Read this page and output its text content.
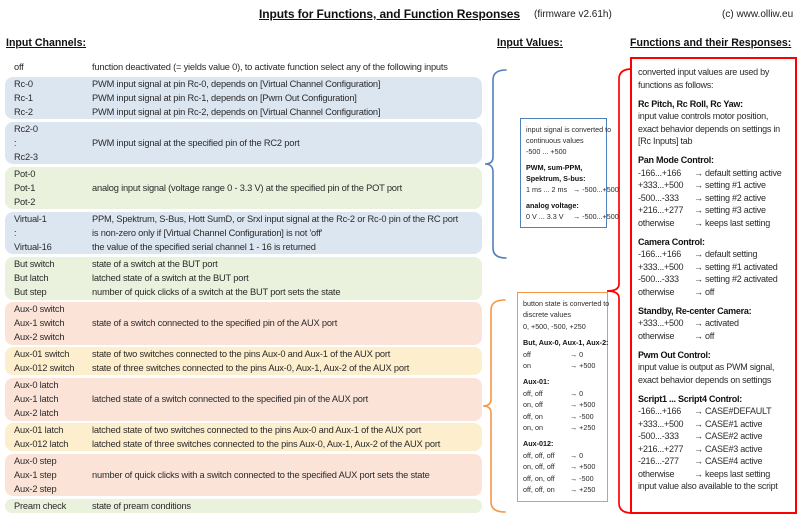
Inputs for Functions, and Function Responses (firmware v2.61h)	(c) www.olliw.eu
Input Channels:	Input Values:	Functions and their Responses:
off	function deactivated (= yields value 0), to activate function select any of the following inputs
Rc-0	PWM input signal at pin Rc-0, depends on [Virtual Channel Configuration]
Rc-1	PWM input signal at pin Rc-1, depends on [Pwm Out Configuration]
Rc-2	PWM input signal at pin Rc-2, depends on [Virtual Channel Configuration]
Rc2-0
:	PWM input signal at the specified pin of the RC2 port
Rc2-3
Pot-0
Pot-1	analog input signal (voltage range 0 - 3.3 V) at the specified pin of the POT port
Pot-2
Virtual-1	PPM, Spektrum, S-Bus, Hott SumD, or Srxl input signal at the Rc-2 or Rc-0 pin of the RC port
:	is non-zero only if [Virtual Channel Configuration] is not 'off'
Virtual-16	the value of the specified serial channel 1 - 16 is returned
But switch	state of a switch at the BUT port
But latch	latched state of a switch at the BUT port
But step	number of quick clicks of a switch at the BUT port sets the state
Aux-0 switch
Aux-1 switch	state of a switch connected to the specified pin of the AUX port
Aux-2 switch
Aux-01 switch	state of two switches connected to the pins Aux-0 and Aux-1 of the AUX port
Aux-012 switch	state of three switches connected to the pins Aux-0, Aux-1, Aux-2 of the AUX port
Aux-0 latch
Aux-1 latch	latched state of a switch connected to the specified pin of the AUX port
Aux-2 latch
Aux-01 latch	latched state of two switches connected to the pins Aux-0 and Aux-1 of the AUX port
Aux-012 latch	latched state of three switches connected to the pins Aux-0, Aux-1, Aux-2 of the AUX port
Aux-0 step
Aux-1 step	number of quick clicks with a switch connected to the specified AUX port sets the state
Aux-2 step
Pream check	state of pream conditions
input signal is converted to
continuous values
-500 ... +500
PWM, sum-PPM,
Spektrum, S-bus:
1 ms ... 2 ms → -500...+500
analog voltage:
0 V ... 3.3 V	→ -500...+500
button state is converted to
discrete values
0, +500, -500, +250
But, Aux-0, Aux-1, Aux-2:
off	→ 0
on	→ +500
Aux-01:
off, off	→ 0
on, off	→ +500
off, on	→ -500
on, on	→ +250
Aux-012:
off, off, off	→ 0
on, off, off	→ +500
off, on, off	→ -500
off, off, on	→ +250
converted input values are used by
functions as follows:
Rc Pitch, Rc Roll, Rc Yaw:
input value controls motor position,
exact behavior depends on settings in
[Rc Inputs] tab
Pan Mode Control:
-166...+166	→ default setting active
+333...+500	→ setting #1 active
-500...-333	→ setting #2 active
+216...+277	→ setting #3 active
otherwise	→ keeps last setting
Camera Control:
-166...+166	→ default setting
+333...+500	→ setting #1 activated
-500...-333	→ setting #2 activated
otherwise	→ off
Standby, Re-center Camera:
+333...+500	→ activated
otherwise	→ off
Pwm Out Control:
input value is output as PWM signal,
exact behavior depends on settings
Script1 ... Script4 Control:
-166...+166	→ CASE#DEFAULT
+333...+500	→ CASE#1 active
-500...-333	→ CASE#2 active
+216...+277	→ CASE#3 active
-216...-277	→ CASE#4 active
otherwise	→ keeps last setting
input value also available to the script
